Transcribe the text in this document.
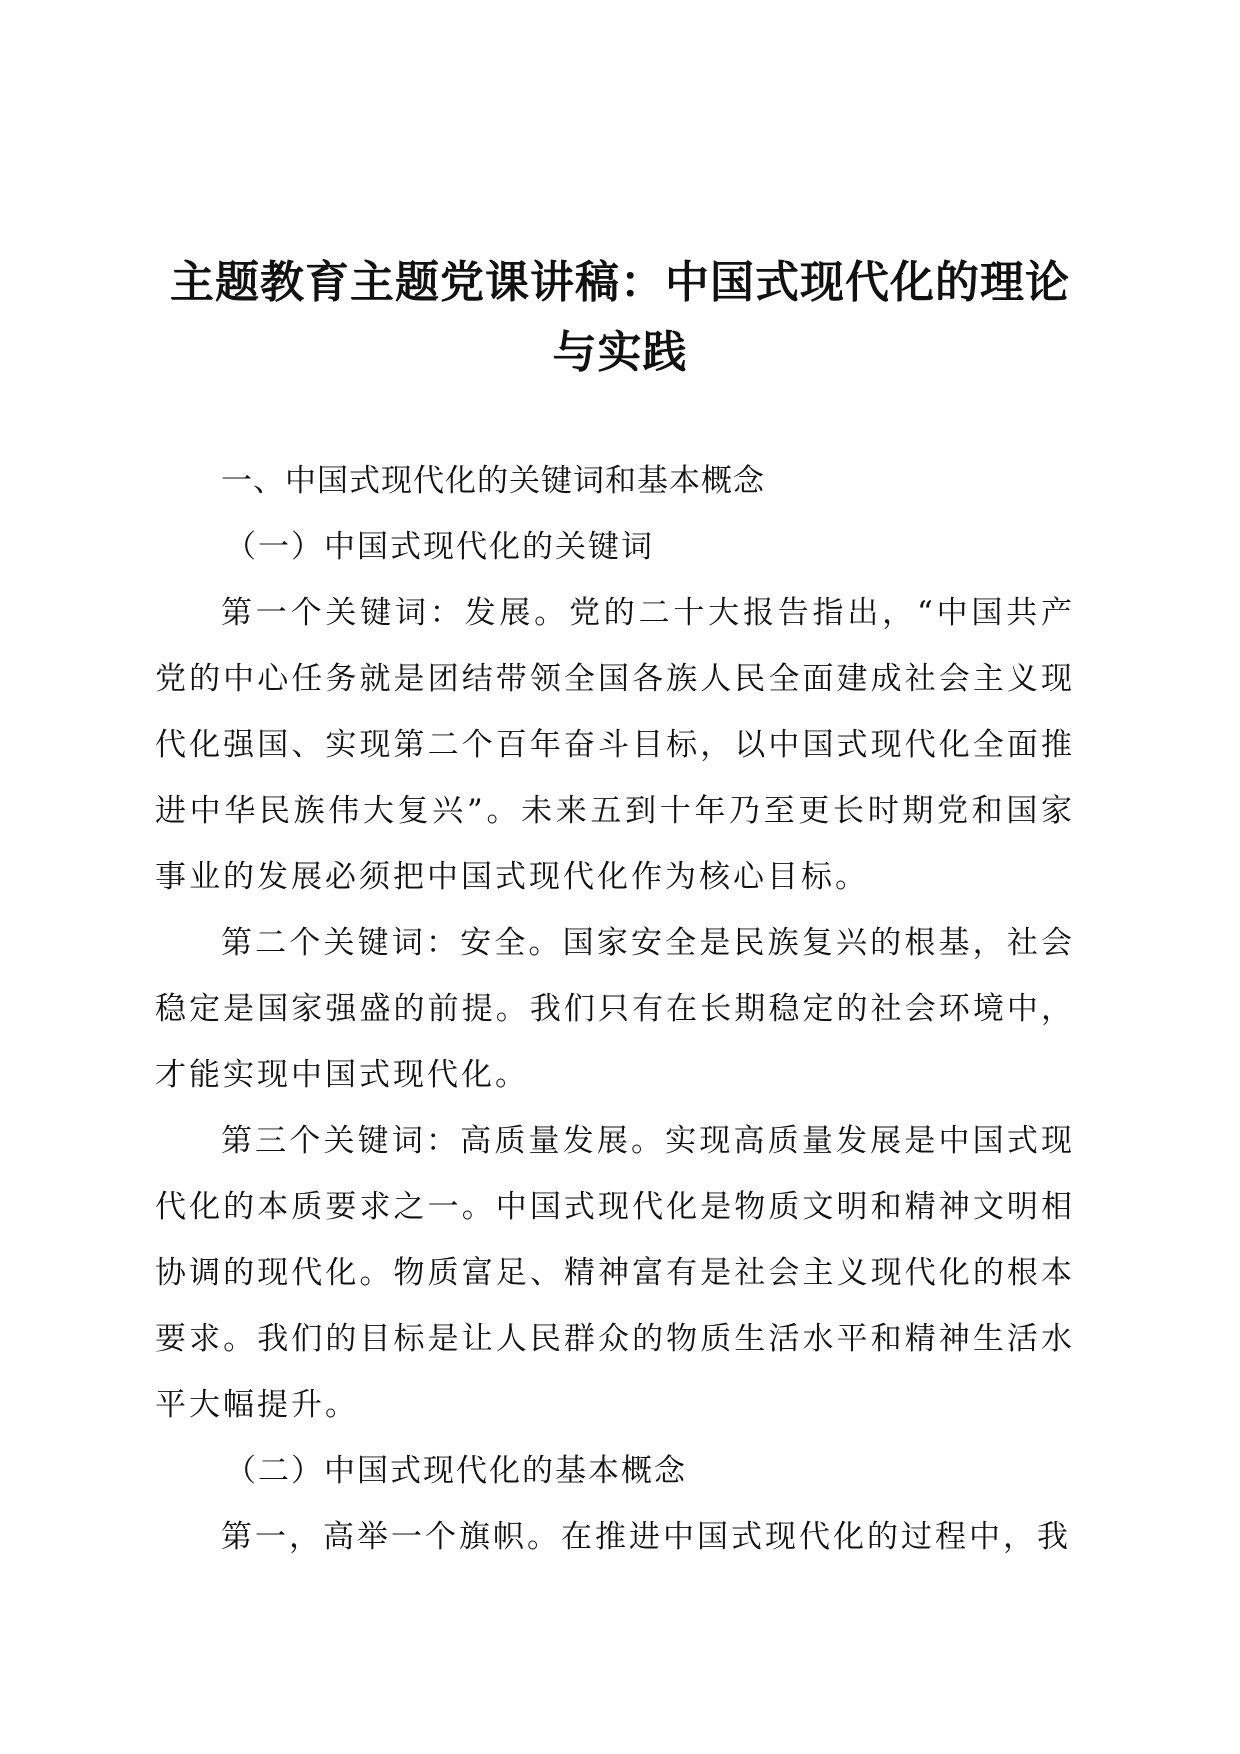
主题教育主题党课讲稿：中国式现代化的理论
与实践

一、中国式现代化的关键词和基本概念

（一）中国式现代化的关键词

第一个关键词：发展。党的二十大报告指出，“中国共产党的中心任务就是团结带领全国各族人民全面建成社会主义现代化强国、实现第二个百年奋斗目标，以中国式现代化全面推进中华民族伟大复兴”。未来五到十年乃至更长时期党和国家事业的发展必须把中国式现代化作为核心目标。

第二个关键词：安全。国家安全是民族复兴的根基，社会稳定是国家强盛的前提。我们只有在长期稳定的社会环境中，才能实现中国式现代化。

第三个关键词：高质量发展。实现高质量发展是中国式现代化的本质要求之一。中国式现代化是物质文明和精神文明相协调的现代化。物质富足、精神富有是社会主义现代化的根本要求。我们的目标是让人民群众的物质生活水平和精神生活水平大幅提升。

（二）中国式现代化的基本概念

第一，高举一个旗帜。在推进中国式现代化的过程中，我
